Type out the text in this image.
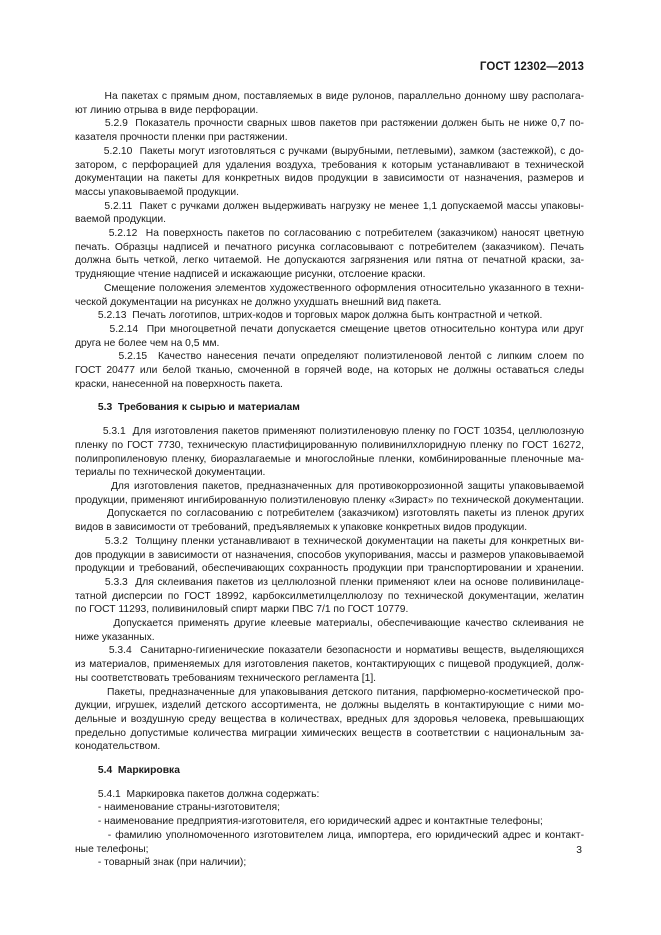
ГОСТ 12302—2013
На пакетах с прямым дном, поставляемых в виде рулонов, параллельно донному шву располага-
ют линию отрыва в виде перфорации.
5.2.9  Показатель прочности сварных швов пакетов при растяжении должен быть не ниже 0,7 по-
казателя прочности пленки при растяжении.
5.2.10  Пакеты могут изготовляться с ручками (вырубными, петлевыми), замком (застежкой), с до-
затором, с перфорацией для удаления воздуха, требования к которым устанавливают в технической
документации на пакеты для конкретных видов продукции в зависимости от назначения, размеров и
массы упаковываемой продукции.
5.2.11  Пакет с ручками должен выдерживать нагрузку не менее 1,1 допускаемой массы упаковы-
ваемой продукции.
5.2.12  На поверхность пакетов по согласованию с потребителем (заказчиком) наносят цветную
печать. Образцы надписей и печатного рисунка согласовывают с потребителем (заказчиком). Печать
должна быть четкой, легко читаемой. Не допускаются загрязнения или пятна от печатной краски, за-
трудняющие чтение надписей и искажающие рисунки, отслоение краски.
Смещение положения элементов художественного оформления относительно указанного в техни-
ческой документации на рисунках не должно ухудшать внешний вид пакета.
5.2.13  Печать логотипов, штрих-кодов и торговых марок должна быть контрастной и четкой.
5.2.14  При многоцветной печати допускается смещение цветов относительно контура или друг
друга не более чем на 0,5 мм.
5.2.15  Качество нанесения печати определяют полиэтиленовой лентой с липким слоем по
ГОСТ 20477 или белой тканью, смоченной в горячей воде, на которых не должны оставаться следы
краски, нанесенной на поверхность пакета.
5.3  Требования к сырью и материалам
5.3.1  Для изготовления пакетов применяют полиэтиленовую пленку по ГОСТ 10354, целлюлозную
пленку по ГОСТ 7730, техническую пластифицированную поливинилхлоридную пленку по ГОСТ 16272,
полипропиленовую пленку, биоразлагаемые и многослойные пленки, комбинированные пленочные ма-
териалы по технической документации.
Для изготовления пакетов, предназначенных для противокоррозионной защиты упаковываемой
продукции, применяют ингибированную полиэтиленовую пленку «Зираст» по технической документации.
Допускается по согласованию с потребителем (заказчиком) изготовлять пакеты из пленок других
видов в зависимости от требований, предъявляемых к упаковке конкретных видов продукции.
5.3.2  Толщину пленки устанавливают в технической документации на пакеты для конкретных ви-
дов продукции в зависимости от назначения, способов укупоривания, массы и размеров упаковываемой
продукции и требований, обеспечивающих сохранность продукции при транспортировании и хранении.
5.3.3  Для склеивания пакетов из целлюлозной пленки применяют клеи на основе поливинилаце-
татной дисперсии по ГОСТ 18992, карбоксилметилцеллюлозу по технической документации, желатин
по ГОСТ 11293, поливиниловый спирт марки ПВС 7/1 по ГОСТ 10779.
Допускается применять другие клеевые материалы, обеспечивающие качество склеивания не
ниже указанных.
5.3.4  Санитарно-гигиенические показатели безопасности и нормативы веществ, выделяющихся
из материалов, применяемых для изготовления пакетов, контактирующих с пищевой продукцией, долж-
ны соответствовать требованиям технического регламента [1].
Пакеты, предназначенные для упаковывания детского питания, парфюмерно-косметической про-
дукции, игрушек, изделий детского ассортимента, не должны выделять в контактирующие с ними мо-
дельные и воздушную среду вещества в количествах, вредных для здоровья человека, превышающих
предельно допустимые количества миграции химических веществ в соответствии с национальным за-
конодательством.
5.4  Маркировка
5.4.1  Маркировка пакетов должна содержать:
- наименование страны-изготовителя;
- наименование предприятия-изготовителя, его юридический адрес и контактные телефоны;
- фамилию уполномоченного изготовителем лица, импортера, его юридический адрес и контакт-
ные телефоны;
- товарный знак (при наличии);
3
